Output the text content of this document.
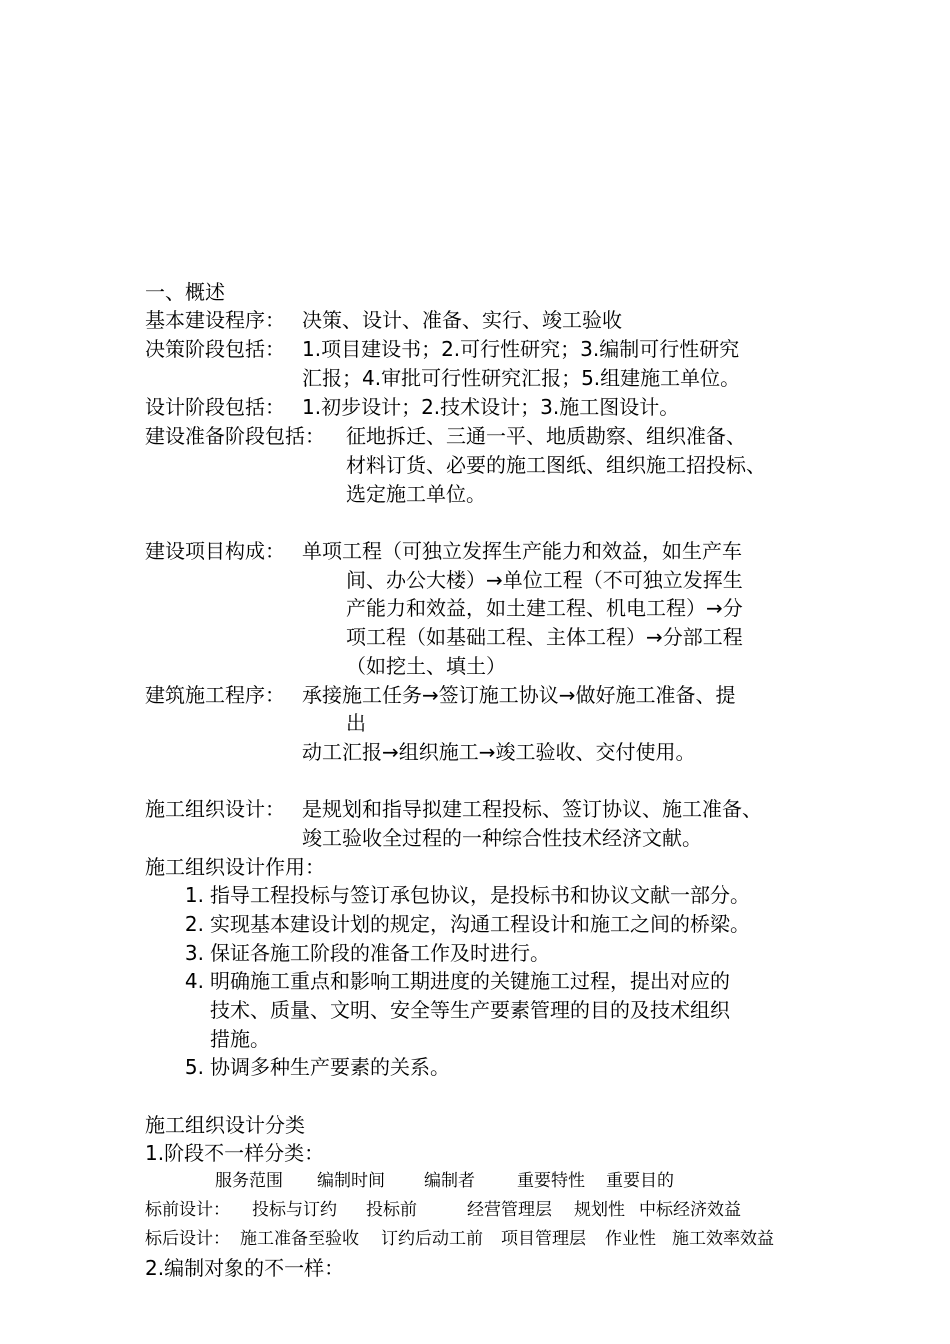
一、概述
基本建设程序： 决策、设计、准备、实行、竣工验收
决策阶段包括： 1.项目建设书；2.可行性研究；3.编制可行性研究
汇报；4.审批可行性研究汇报；5.组建施工单位。
设计阶段包括： 1.初步设计；2.技术设计；3.施工图设计。
建设准备阶段包括： 征地拆迁、三通一平、地质勘察、组织准备、
材料订货、必要的施工图纸、组织施工招投标、
选定施工单位。
建设项目构成： 单项工程（可独立发挥生产能力和效益，如生产车
间、办公大楼）→单位工程（不可独立发挥生
产能力和效益，如土建工程、机电工程）→分
项工程（如基础工程、主体工程）→分部工程
（如挖土、填土）
建筑施工程序： 承接施工任务→签订施工协议→做好施工准备、提
出
动工汇报→组织施工→竣工验收、交付使用。
施工组织设计： 是规划和指导拟建工程投标、签订协议、施工准备、
竣工验收全过程的一种综合性技术经济文献。
施工组织设计作用：
1. 指导工程投标与签订承包协议，是投标书和协议文献一部分。
2. 实现基本建设计划的规定，沟通工程设计和施工之间的桥梁。
3. 保证各施工阶段的准备工作及时进行。
4. 明确施工重点和影响工期进度的关键施工过程，提出对应的
技术、质量、文明、安全等生产要素管理的目的及技术组织
措施。
5. 协调多种生产要素的关系。
施工组织设计分类
1.阶段不一样分类：
服务范围 编制时间 编制者 重要特性 重要目的
标前设计： 投标与订约 投标前	经营管理层 规划性 中标经济效益
标后设计： 施工准备至验收 订约后动工前 项目管理层 作业性 施工效率效益
2.编制对象的不一样：
